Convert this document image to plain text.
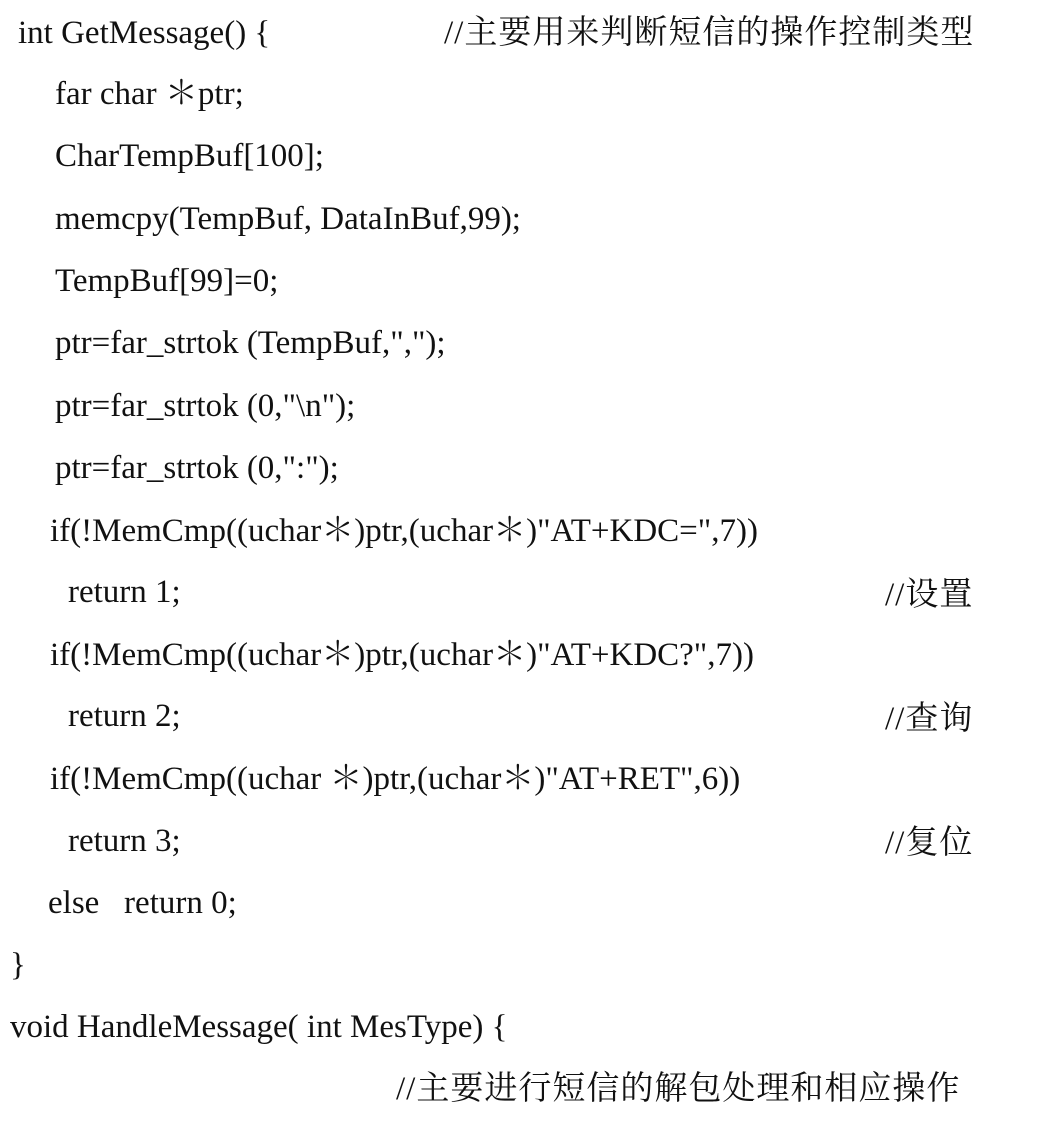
int GetMessage() {	//主要用来判断短信的操作控制类型
far char ＊ptr;
CharTempBuf[100];
memcpy(TempBuf, DataInBuf,99);
TempBuf[99]=0;
ptr=far_strtok (TempBuf,",");
ptr=far_strtok (0,"\n");
ptr=far_strtok (0,":");
if(!MemCmp((uchar＊)ptr,(uchar＊)"AT+KDC=",7))
return 1;	//设置
if(!MemCmp((uchar＊)ptr,(uchar＊)"AT+KDC?",7))
return 2;	//查询
if(!MemCmp((uchar ＊)ptr,(uchar＊)"AT+RET",6))
return 3;	//复位
else   return 0;
}
void HandleMessage( int MesType) {
//主要进行短信的解包处理和相应操作
